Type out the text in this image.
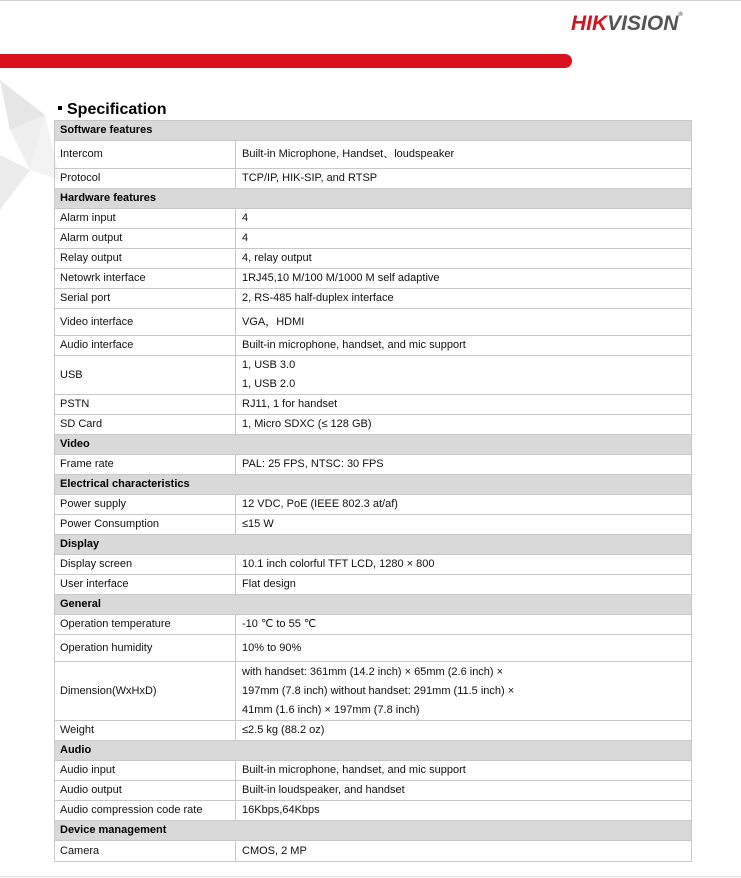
HIKVISION®
Specification
Software features	
Intercom	Built-in Microphone, Handset、loudspeaker
Protocol	TCP/IP, HIK-SIP, and RTSP
Hardware features	
Alarm input	4
Alarm output	4
Relay output	4, relay output
Netowrk interface	1RJ45,10 M/100 M/1000 M self adaptive
Serial port	2, RS-485 half-duplex interface
Video interface	VGA，HDMI
Audio interface	Built-in microphone, handset, and mic support
USB	1, USB 3.0
1, USB 2.0
PSTN	RJ11, 1 for handset
SD Card	1, Micro SDXC (≤ 128 GB)
Video	
Frame rate	PAL: 25 FPS, NTSC: 30 FPS
Electrical characteristics	
Power supply	12 VDC, PoE (IEEE 802.3 at/af)
Power Consumption	≤15 W
Display	
Display screen	10.1 inch colorful TFT LCD, 1280 × 800
User interface	Flat design
General	
Operation temperature	-10 ℃ to 55 ℃
Operation humidity	10% to 90%
Dimension(WxHxD)	with handset: 361mm (14.2 inch) × 65mm (2.6 inch) ×
197mm (7.8 inch) without handset: 291mm (11.5 inch) ×
41mm (1.6 inch) × 197mm (7.8 inch)
Weight	≤2.5 kg (88.2 oz)
Audio	
Audio input	Built-in microphone, handset, and mic support
Audio output	Built-in loudspeaker, and handset
Audio compression code rate	16Kbps,64Kbps
Device management	
Camera	CMOS, 2 MP
